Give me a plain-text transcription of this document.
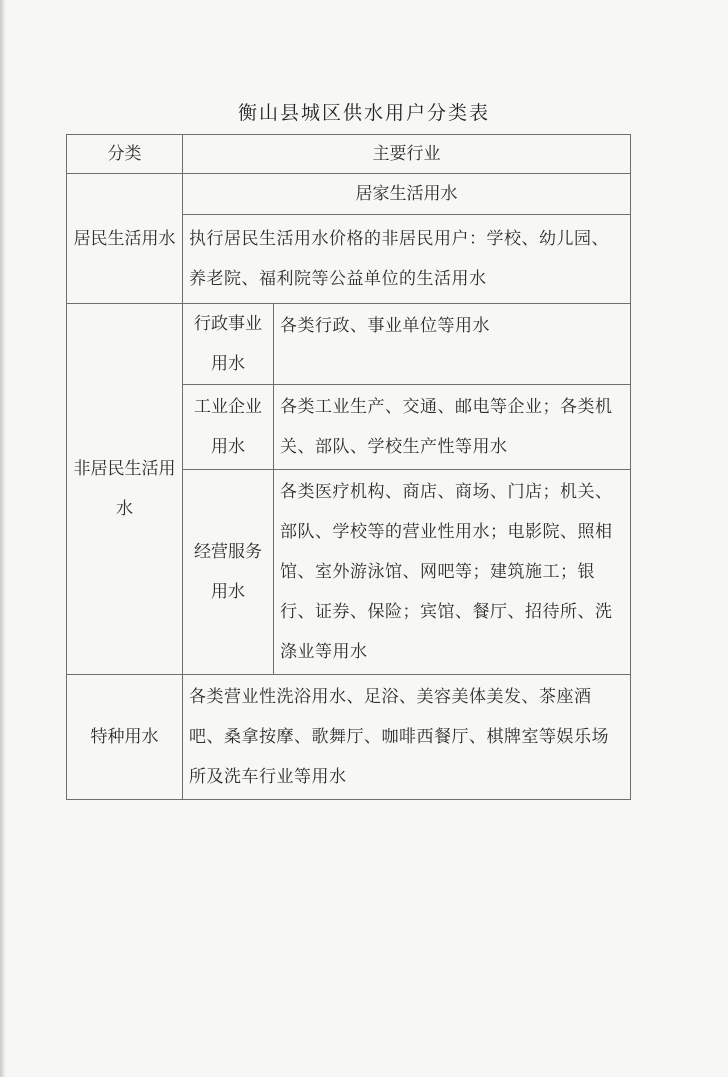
衡山县城区供水用户分类表
分类	主要行业	
居民生活用水	居家生活用水	
	执行居民生活用水价格的非居民用户：学校、幼儿园、养老院、福利院等公益单位的生活用水	
非居民生活用水	行政事业用水	各类行政、事业单位等用水
	工业企业用水	各类工业生产、交通、邮电等企业；各类机关、部队、学校生产性等用水
	经营服务用水	各类医疗机构、商店、商场、门店；机关、部队、学校等的营业性用水；电影院、照相馆、室外游泳馆、网吧等；建筑施工；银行、证券、保险；宾馆、餐厅、招待所、洗涤业等用水
特种用水	各类营业性洗浴用水、足浴、美容美体美发、茶座酒吧、桑拿按摩、歌舞厅、咖啡西餐厅、棋牌室等娱乐场所及洗车行业等用水	
